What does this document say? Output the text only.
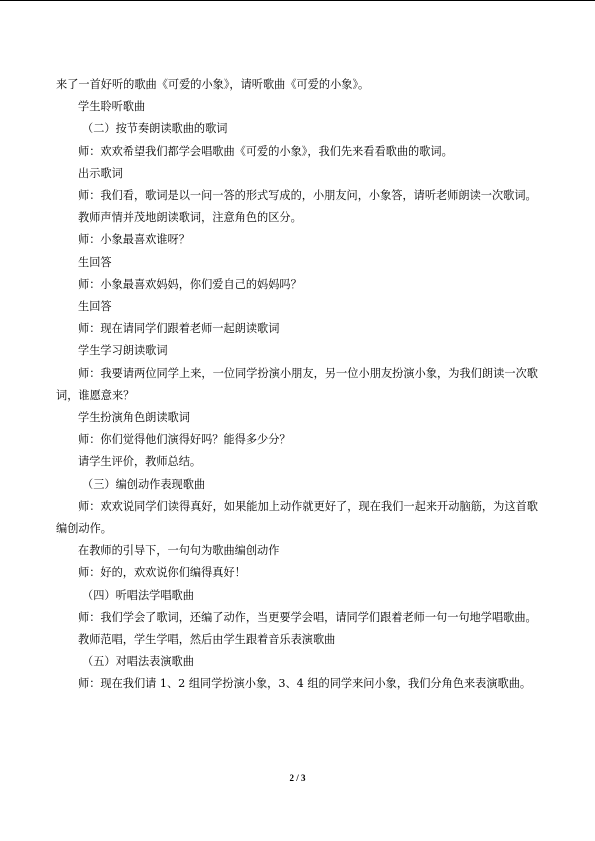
来了一首好听的歌曲《可爱的小象》，请听歌曲《可爱的小象》。

学生聆听歌曲

（二）按节奏朗读歌曲的歌词

师：欢欢希望我们都学会唱歌曲《可爱的小象》，我们先来看看歌曲的歌词。

出示歌词

师：我们看，歌词是以一问一答的形式写成的，小朋友问，小象答，请听老师朗读一次歌词。

教师声情并茂地朗读歌词，注意角色的区分。

师：小象最喜欢谁呀？

生回答

师：小象最喜欢妈妈，你们爱自己的妈妈吗？

生回答

师：现在请同学们跟着老师一起朗读歌词

学生学习朗读歌词

师：我要请两位同学上来，一位同学扮演小朋友，另一位小朋友扮演小象，为我们朗读一次歌词，谁愿意来？

学生扮演角色朗读歌词

师：你们觉得他们演得好吗？能得多少分？

请学生评价，教师总结。

（三）编创动作表现歌曲

师：欢欢说同学们读得真好，如果能加上动作就更好了，现在我们一起来开动脑筋，为这首歌编创动作。

在教师的引导下，一句句为歌曲编创动作

师：好的，欢欢说你们编得真好！

（四）听唱法学唱歌曲

师：我们学会了歌词，还编了动作，当更要学会唱，请同学们跟着老师一句一句地学唱歌曲。

教师范唱，学生学唱，然后由学生跟着音乐表演歌曲

（五）对唱法表演歌曲

师：现在我们请 1、2 组同学扮演小象，3、4 组的同学来问小象，我们分角色来表演歌曲。

2 / 3
